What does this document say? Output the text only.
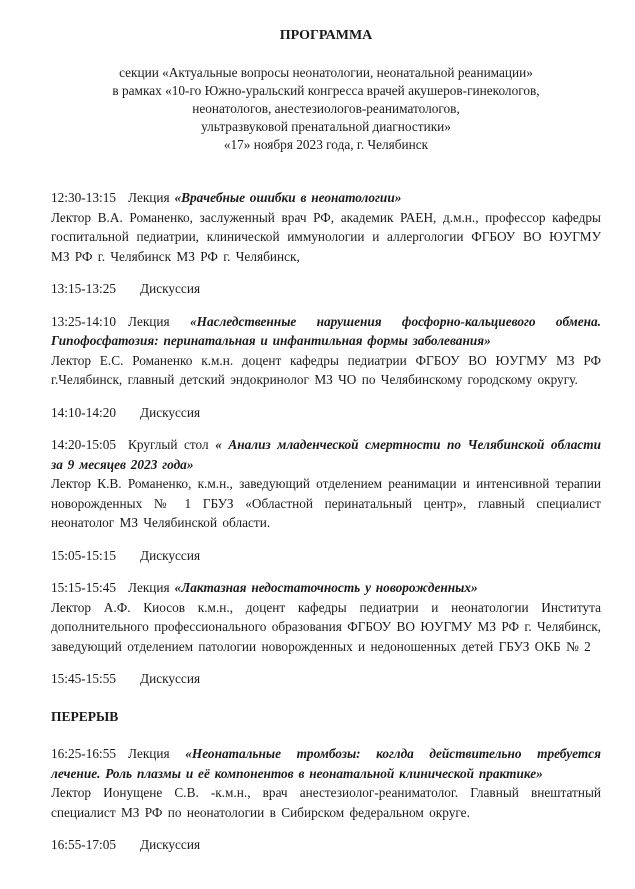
ПРОГРАММА
секции «Актуальные вопросы неонатологии, неонатальной реанимации»
в рамках «10-го Южно-уральский конгресса врачей акушеров-гинекологов,
неонатологов, анестезиологов-реаниматологов,
ультразвуковой пренатальной диагностики»
«17» ноября 2023 года, г. Челябинск

12:30-13:15 Лекция «Врачебные ошибки в неонатологии»

Лектор В.А. Романенко, заслуженный врач РФ, академик РАЕН, д.м.н., профессор кафедры госпитальной педиатрии, клинической иммунологии и аллергологии ФГБОУ ВО ЮУГМУ МЗ РФ г. Челябинск МЗ РФ г. Челябинск,

13:15-13:25 Дискуссия

13:25-14:10 Лекция «Наследственные нарушения фосфорно-кальциевого обмена. Гипофосфатозия: перинатальная и инфантильная формы заболевания»

Лектор Е.С. Романенко к.м.н. доцент кафедры педиатрии ФГБОУ ВО ЮУГМУ МЗ РФ г.Челябинск, главный детский эндокринолог МЗ ЧО по Челябинскому городскому округу.

14:10-14:20 Дискуссия

14:20-15:05 Круглый стол « Анализ младенческой смертности по Челябинской области за 9 месяцев 2023 года»

Лектор К.В. Романенко, к.м.н., заведующий отделением реанимации и интенсивной терапии новорожденных № 1 ГБУЗ «Областной перинатальный центр», главный специалист неонатолог МЗ Челябинской области.

15:05-15:15 Дискуссия

15:15-15:45 Лекция «Лактазная недостаточность у новорожденных»

Лектор А.Ф. Киосов к.м.н., доцент кафедры педиатрии и неонатологии Института дополнительного профессионального образования ФГБОУ ВО ЮУГМУ МЗ РФ г. Челябинск, заведующий отделением патологии новорожденных и недоношенных детей ГБУЗ ОКБ № 2

15:45-15:55 Дискуссия

ПЕРЕРЫВ

16:25-16:55 Лекция «Неонатальные тромбозы: коглда действительно требуется лечение. Роль плазмы и её компонентов в неонатальной клинической практике»

Лектор Ионущене С.В. -к.м.н., врач анестезиолог-реаниматолог. Главный внештатный специалист МЗ РФ по неонатологии в Сибирском федеральном округе.

16:55-17:05 Дискуссия
